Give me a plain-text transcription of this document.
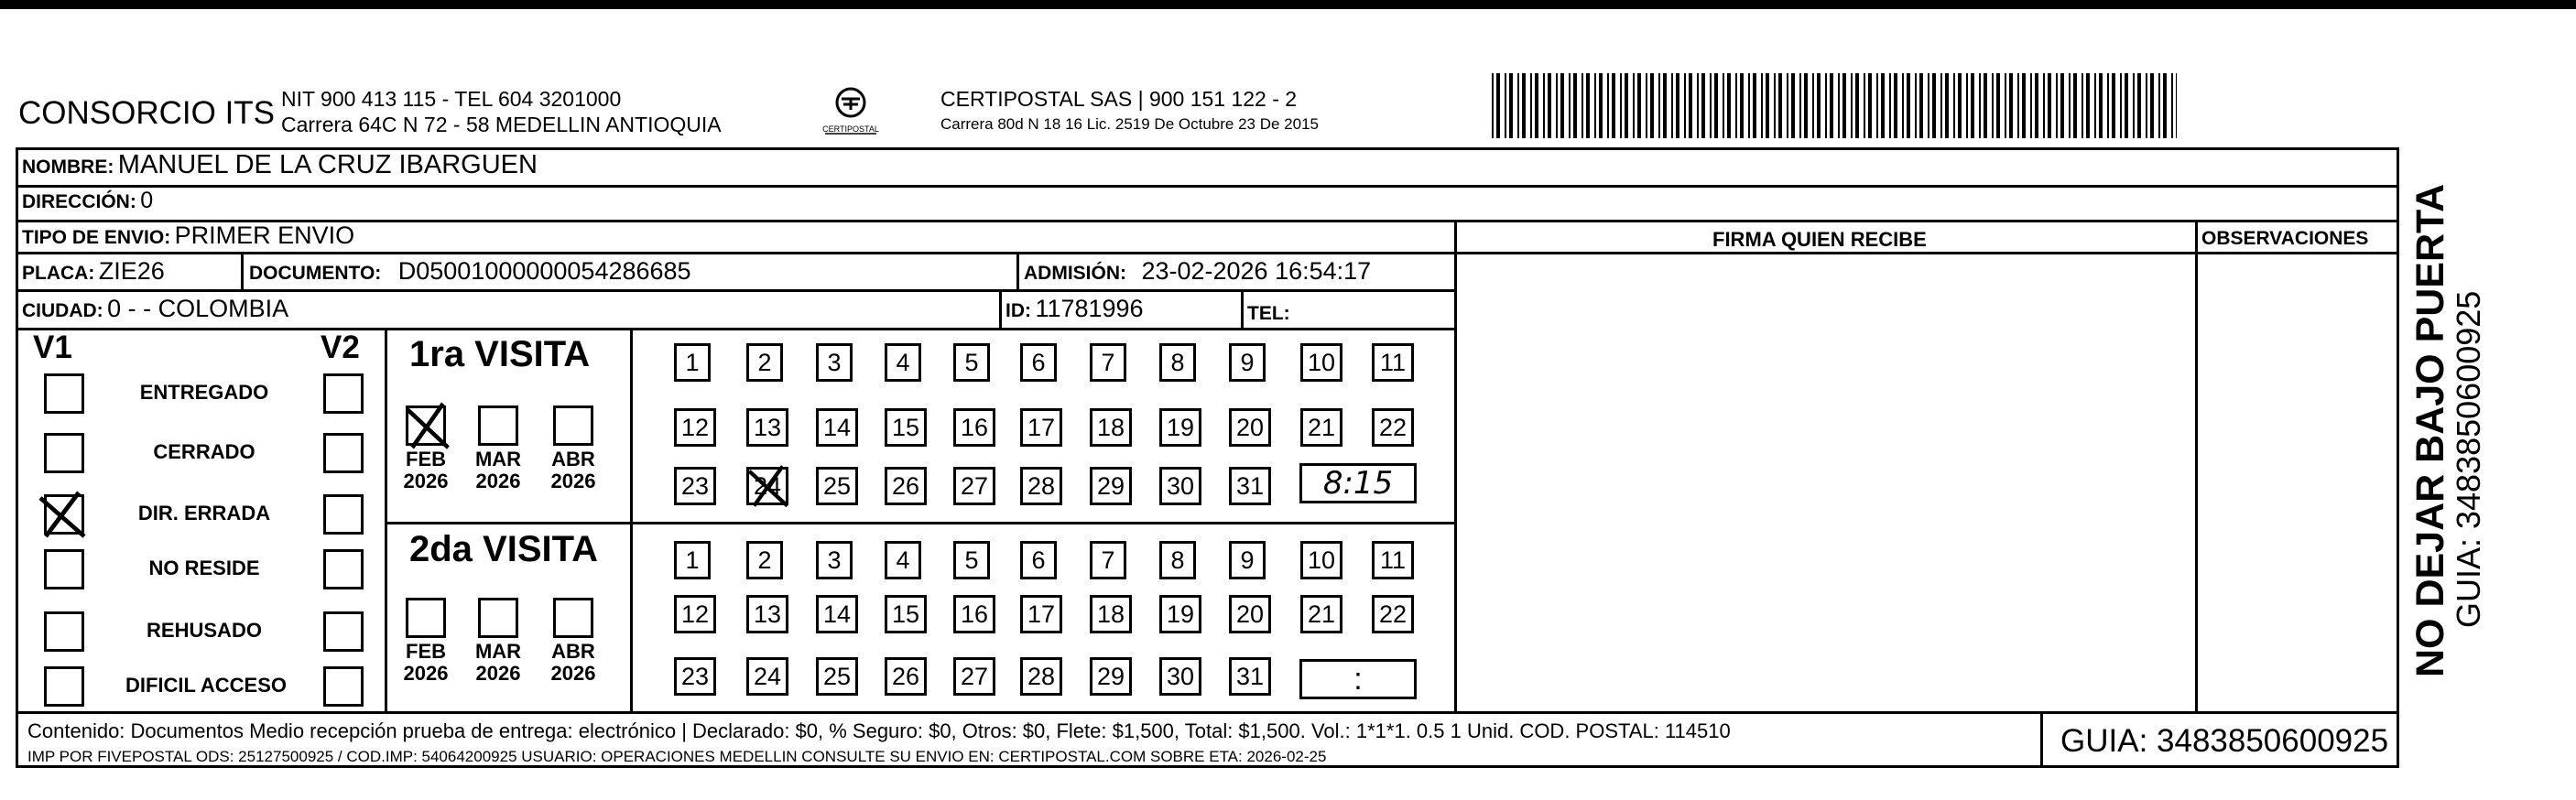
CONSORCIO ITS NIT 900 413 115 - TEL 604 3201000
Carrera 64C N 72 - 58 MEDELLIN ANTIOQUIA	CERTIPOSTAL
CERTIPOSTAL SAS | 900 151 122 - 2
Carrera 80d N 18 16 Lic. 2519 De Octubre 23 De 2015
NOMBRE: MANUEL DE LA CRUZ IBARGUEN
DIRECCIÓN: 0
TIPO DE ENVIO: PRIMER ENVIO	FIRMA QUIEN RECIBE	OBSERVACIONES
PLACA: ZIE26	DOCUMENTO: D05001000000054286685	ADMISIÓN: 23-02-2026 16:54:17
CIUDAD: 0 - - COLOMBIA	ID: 11781996	TEL:
V1	V2
ENTREGADO
CERRADO
DIR. ERRADA
NO RESIDE
REHUSADO
DIFICIL ACCESO
1ra VISITA
2da VISITA
FEB
2026
MAR
2026
ABR
2026
FEB
2026
MAR
2026
ABR
2026
1	2	3	4	5	6	7	8	9	10	11
12 13 14 15 16 17 18 19 20 21 22
23 24 25 26 27 28 29 30 31
1	2	3	4	5	6	7	8	9	10	11
12 13 14 15 16 17 18 19 20 21 22
23 24 25 26 27 28 29 30 31
8:15
:
Contenido: Documentos Medio recepción prueba de entrega: electrónico | Declarado: $0, % Seguro: $0, Otros: $0, Flete: $1,500, Total: $1,500. Vol.: 1*1*1. 0.5 1 Unid. COD. POSTAL: 114510
IMP POR FIVEPOSTAL ODS: 25127500925 / COD.IMP: 54064200925 USUARIO: OPERACIONES MEDELLIN CONSULTE SU ENVIO EN: CERTIPOSTAL.COM SOBRE ETA: 2026-02-25	GUIA: 3483850600925
NO DEJAR BAJO PUERTA
GUIA: 3483850600925
